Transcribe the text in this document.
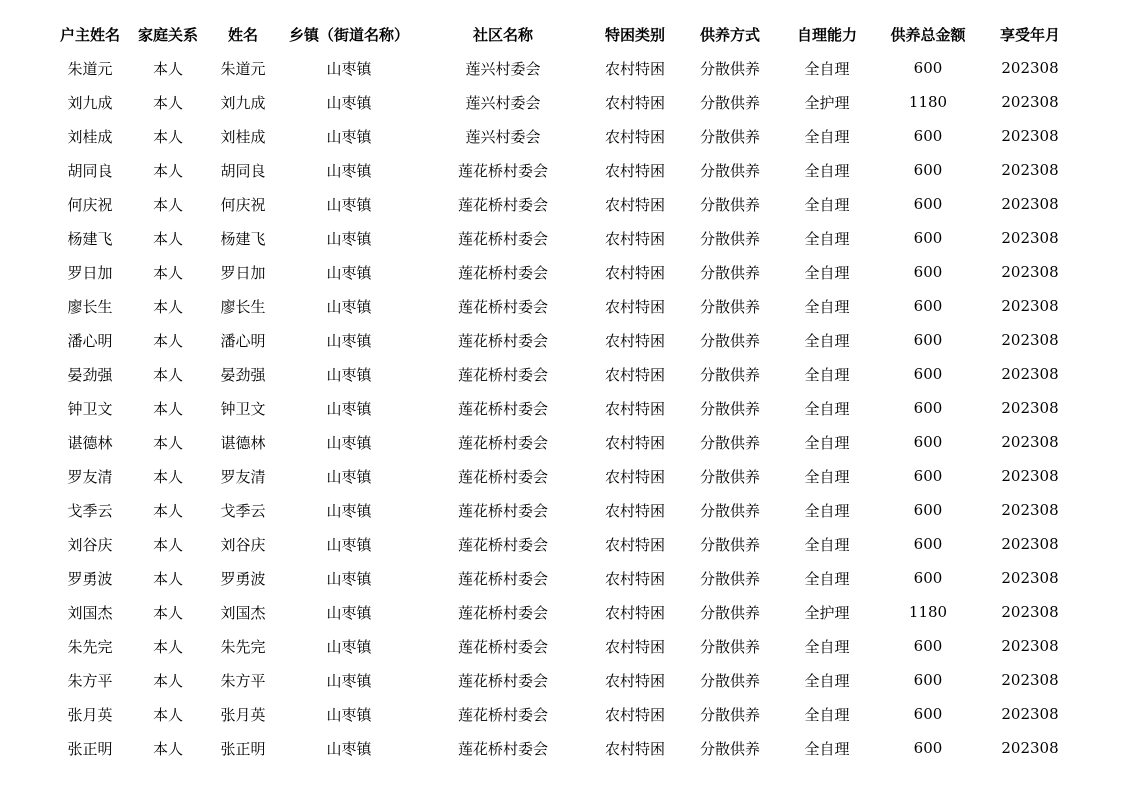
户主姓名	家庭关系	姓名	乡镇（街道名称）	社区名称	特困类别	供养方式	自理能力	供养总金额	享受年月
朱道元	本人	朱道元	山枣镇	莲兴村委会	农村特困	分散供养	全自理	600	202308
刘九成	本人	刘九成	山枣镇	莲兴村委会	农村特困	分散供养	全护理	1180	202308
刘桂成	本人	刘桂成	山枣镇	莲兴村委会	农村特困	分散供养	全自理	600	202308
胡同良	本人	胡同良	山枣镇	莲花桥村委会	农村特困	分散供养	全自理	600	202308
何庆祝	本人	何庆祝	山枣镇	莲花桥村委会	农村特困	分散供养	全自理	600	202308
杨建飞	本人	杨建飞	山枣镇	莲花桥村委会	农村特困	分散供养	全自理	600	202308
罗日加	本人	罗日加	山枣镇	莲花桥村委会	农村特困	分散供养	全自理	600	202308
廖长生	本人	廖长生	山枣镇	莲花桥村委会	农村特困	分散供养	全自理	600	202308
潘心明	本人	潘心明	山枣镇	莲花桥村委会	农村特困	分散供养	全自理	600	202308
晏劲强	本人	晏劲强	山枣镇	莲花桥村委会	农村特困	分散供养	全自理	600	202308
钟卫文	本人	钟卫文	山枣镇	莲花桥村委会	农村特困	分散供养	全自理	600	202308
谌德林	本人	谌德林	山枣镇	莲花桥村委会	农村特困	分散供养	全自理	600	202308
罗友清	本人	罗友清	山枣镇	莲花桥村委会	农村特困	分散供养	全自理	600	202308
戈季云	本人	戈季云	山枣镇	莲花桥村委会	农村特困	分散供养	全自理	600	202308
刘谷庆	本人	刘谷庆	山枣镇	莲花桥村委会	农村特困	分散供养	全自理	600	202308
罗勇波	本人	罗勇波	山枣镇	莲花桥村委会	农村特困	分散供养	全自理	600	202308
刘国杰	本人	刘国杰	山枣镇	莲花桥村委会	农村特困	分散供养	全护理	1180	202308
朱先完	本人	朱先完	山枣镇	莲花桥村委会	农村特困	分散供养	全自理	600	202308
朱方平	本人	朱方平	山枣镇	莲花桥村委会	农村特困	分散供养	全自理	600	202308
张月英	本人	张月英	山枣镇	莲花桥村委会	农村特困	分散供养	全自理	600	202308
张正明	本人	张正明	山枣镇	莲花桥村委会	农村特困	分散供养	全自理	600	202308
